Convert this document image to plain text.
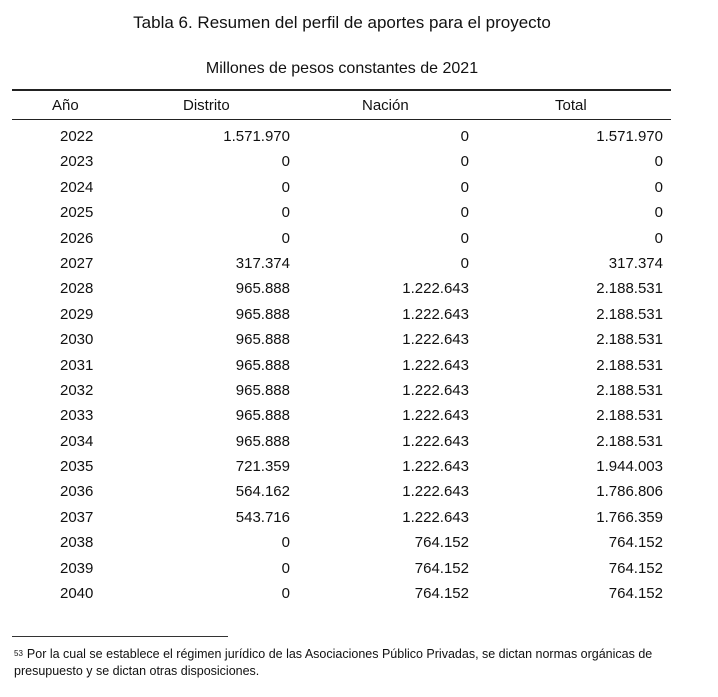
Tabla 6. Resumen del perfil de aportes para el proyecto
Millones de pesos constantes de 2021
Año	Distrito	Nación	Total
2022	1.571.970	0	1.571.970
2023	0	0	0
2024	0	0	0
2025	0	0	0
2026	0	0	0
2027	317.374	0	317.374
2028	965.888	1.222.643	2.188.531
2029	965.888	1.222.643	2.188.531
2030	965.888	1.222.643	2.188.531
2031	965.888	1.222.643	2.188.531
2032	965.888	1.222.643	2.188.531
2033	965.888	1.222.643	2.188.531
2034	965.888	1.222.643	2.188.531
2035	721.359	1.222.643	1.944.003
2036	564.162	1.222.643	1.786.806
2037	543.716	1.222.643	1.766.359
2038	0	764.152	764.152
2039	0	764.152	764.152
2040	0	764.152	764.152
$^{53}$ Por la cual se establece el régimen jurídico de las Asociaciones Público Privadas, se dictan normas orgánicas de presupuesto y se dictan otras disposiciones.
